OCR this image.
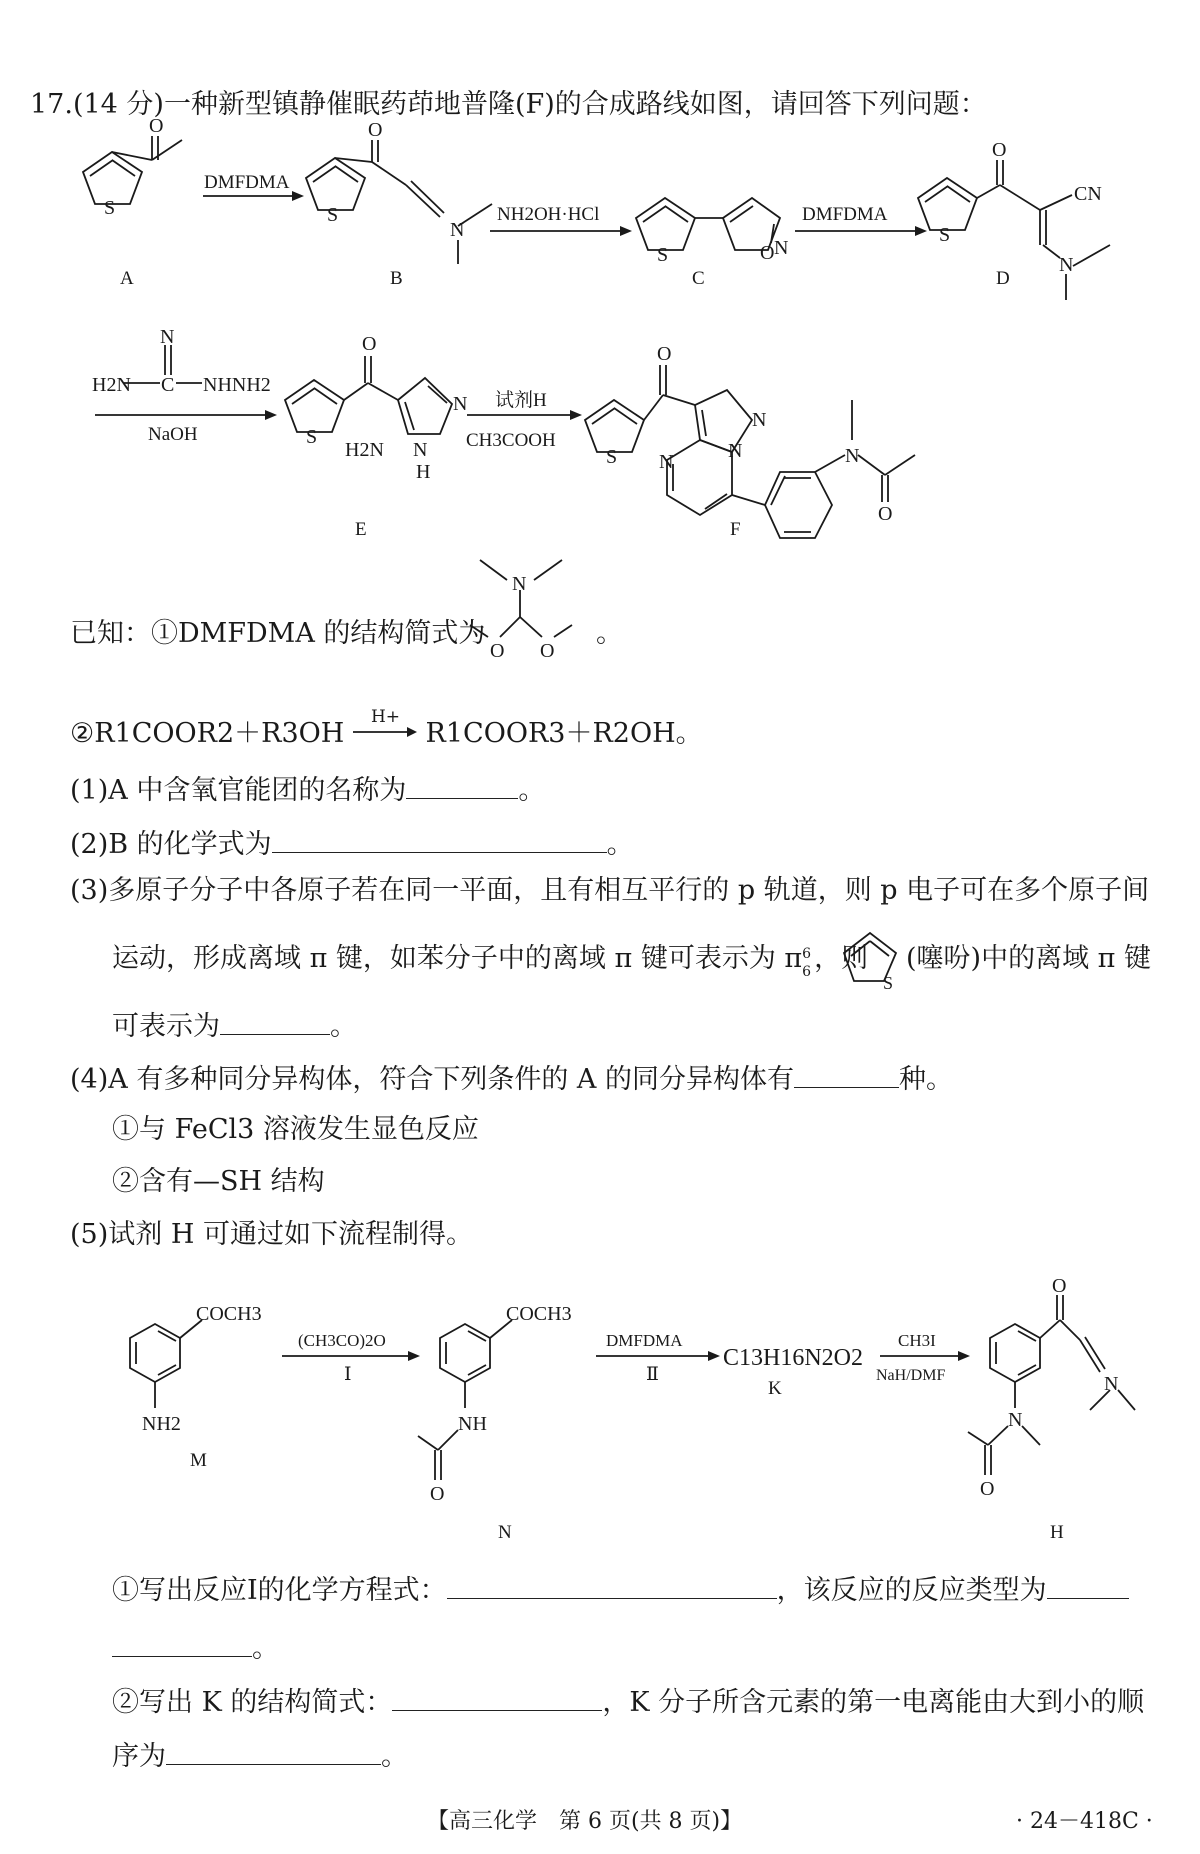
17.(14 分)一种新型镇静催眠药茚地普隆(F)的合成路线如图，请回答下列问题：
O
S
DMFDMA
O
S
N
NH2OH·HCl
S	O N
DMFDMA
O
S
CN
N
A	B	C	D
N
H2N C NHNH2
NaOH
O
S
N
N
H
H2N
试剂H
CH3COOH
O
S
N
N
N	N
O
E	F
已知：①DMFDMA 的结构简式为
N
O O
。
②R1COOR2＋R3OH
H+
R1COOR3＋R2OH。
(1)A 中含氧官能团的名称为	。
(2)B 的化学式为	。
(3)多原子分子中各原子若在同一平面，且有相互平行的 p 轨道，则 p 电子可在多个原子间
运动，形成离域 π 键，如苯分子中的离域 π 键可表示为 π 6
6 ，则
S
(噻吩)中的离域 π 键
可表示为	。
(4)A 有多种同分异构体，符合下列条件的 A 的同分异构体有	种。
①与 FeCl3 溶液发生显色反应
②含有—SH 结构
(5)试剂 H 可通过如下流程制得。
COCH3
NH2
M
(CH3CO)2O
Ⅰ
COCH3
NH
O
N
DMFDMA
Ⅱ
C13H16N2O2
K
CH3I
NaH/DMF
O
N
N
O
H
①写出反应Ⅰ的化学方程式：	，该反应的反应类型为
。
②写出 K 的结构简式：	，K 分子所含元素的第一电离能由大到小的顺
序为	。
【高三化学　第 6 页(共 8 页)】	· 24－418C ·
